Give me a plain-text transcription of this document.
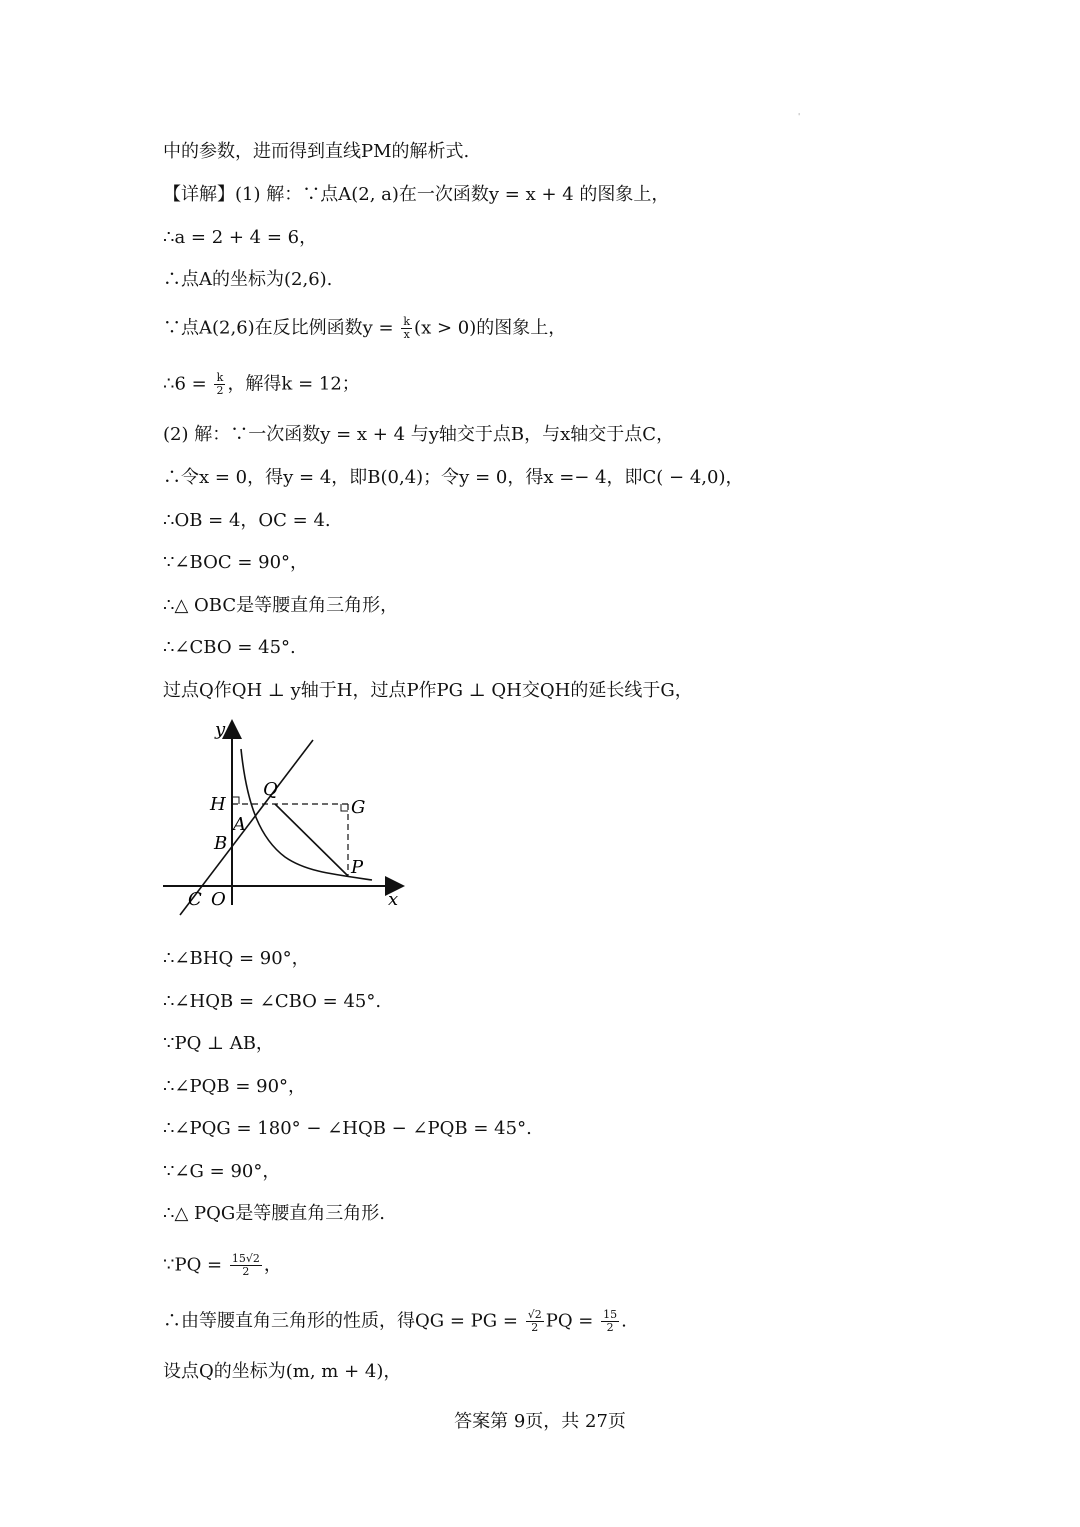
'
中的参数，进而得到直线PM的解析式.
【详解】(1) 解：∵点A(2, a)在一次函数y = x + 4 的图象上，
∴a = 2 + 4 = 6，
∴点A的坐标为(2,6).
∵点A(2,6)在反比例函数$y = \frac{k}{x} (x > 0)$的图象上，
∴6 = $\frac{k}{2}$ ，解得k = 12；
(2) 解：∵一次函数y = x + 4 与y轴交于点B，与x轴交于点C，
∴令x = 0，得y = 4，即B(0,4)；令y = 0，得x =− 4，即C( − 4,0)，
∴OB = 4，OC = 4.
∵∠BOC = 90°，
∴△ OBC是等腰直角三角形，
∴∠CBO = 45°.
过点Q作QH ⊥ y轴于H，过点P作PG ⊥ QH交QH的延长线于G，
y
x
H
Q
G
A
B
P
C O
∴∠BHQ = 90°，
∴∠HQB = ∠CBO = 45°.
∵PQ ⊥ AB，
∴∠PQB = 90°，
∴∠PQG = 180° − ∠HQB − ∠PQB = 45°.
∵∠G = 90°，
∴△ PQG是等腰直角三角形.
∵PQ = $\frac{15√2}{2}$ ，
∴由等腰直角三角形的性质，得QG = PG = $\frac{√2}{2}$ PQ = $\frac{15}{2}$ .
设点Q的坐标为(m, m + 4)，
答案第 9页，共 27页
